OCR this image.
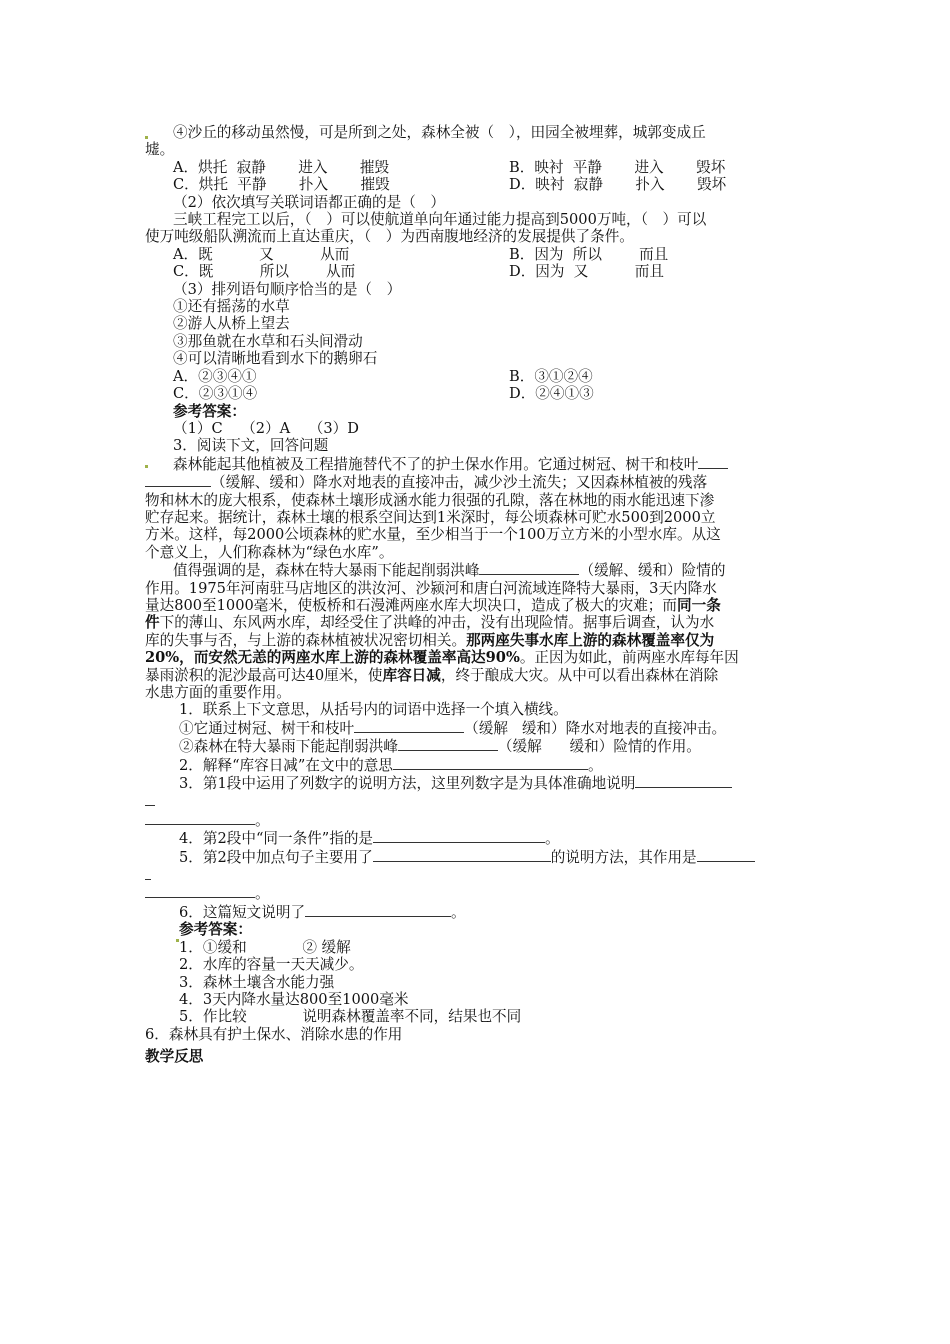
④沙丘的移动虽然慢，可是所到之处，森林全被（　），田园全被埋葬，城郭变成丘
墟。
A．烘托  寂静       进入       摧毁	B．映衬  平静       进入       毁坏
C．烘托  平静       扑入       摧毁	D．映衬  寂静       扑入       毁坏
（2）依次填写关联词语都正确的是（　）
三峡工程完工以后，（　）可以使航道单向年通过能力提高到5000万吨，（　）可以
使万吨级船队溯流而上直达重庆，（　）为西南腹地经济的发展提供了条件。
A．既          又          从而	B．因为  所以        而且
C．既          所以        从而	D．因为  又          而且
（3）排列语句顺序恰当的是（　）
①还有摇荡的水草
②游人从桥上望去
③那鱼就在水草和石头间滑动
④可以清晰地看到水下的鹅卵石
A．②③④①	B．③①②④
C．②③①④	D．②④①③
参考答案：
（1）C    （2）A    （3）D
3．阅读下文，回答问题
森林能起其他植被及工程措施替代不了的护土保水作用。它通过树冠、树干和枝叶
（缓解、缓和）降水对地表的直接冲击，减少沙土流失；又因森林植被的残落
物和林木的庞大根系，使森林土壤形成涵水能力很强的孔隙，落在林地的雨水能迅速下渗
贮存起来。据统计，森林土壤的根系空间达到1米深时，每公顷森林可贮水500到2000立
方米。这样，每2000公顷森林的贮水量，至少相当于一个100万立方米的小型水库。从这
个意义上，人们称森林为“绿色水库”。
值得强调的是，森林在特大暴雨下能起削弱洪峰	（缓解、缓和）险情的
作用。1975年河南驻马店地区的洪汝河、沙颍河和唐白河流域连降特大暴雨，3天内降水
量达800至1000毫米，使板桥和石漫滩两座水库大坝决口，造成了极大的灾难；而同一条
件下的薄山、东风两水库，却经受住了洪峰的冲击，没有出现险情。据事后调查，认为水
库的失事与否，与上游的森林植被状况密切相关。那两座失事水库上游的森林覆盖率仅为
20%，而安然无恙的两座水库上游的森林覆盖率高达90%。正因为如此，前两座水库每年因
暴雨淤积的泥沙最高可达40厘米，使库容日减，终于酿成大灾。从中可以看出森林在消除
水患方面的重要作用。
1．联系上下文意思，从括号内的词语中选择一个填入横线。
①它通过树冠、树干和枝叶	（缓解   缓和）降水对地表的直接冲击。
②森林在特大暴雨下能起削弱洪峰	（缓解      缓和）险情的作用。
2．解释“库容日减”在文中的意思	。
3．第1段中运用了列数字的说明方法，这里列数字是为具体准确地说明
。
4．第2段中“同一条件”指的是	。
5．第2段中加点句子主要用了	的说明方法，其作用是
。
6．这篇短文说明了	。
参考答案：
1．①缓和            ② 缓解
2．水库的容量一天天减少。
3．森林土壤含水能力强
4．3天内降水量达800至1000毫米
5．作比较            说明森林覆盖率不同，结果也不同
6．森林具有护土保水、消除水患的作用
教学反思
